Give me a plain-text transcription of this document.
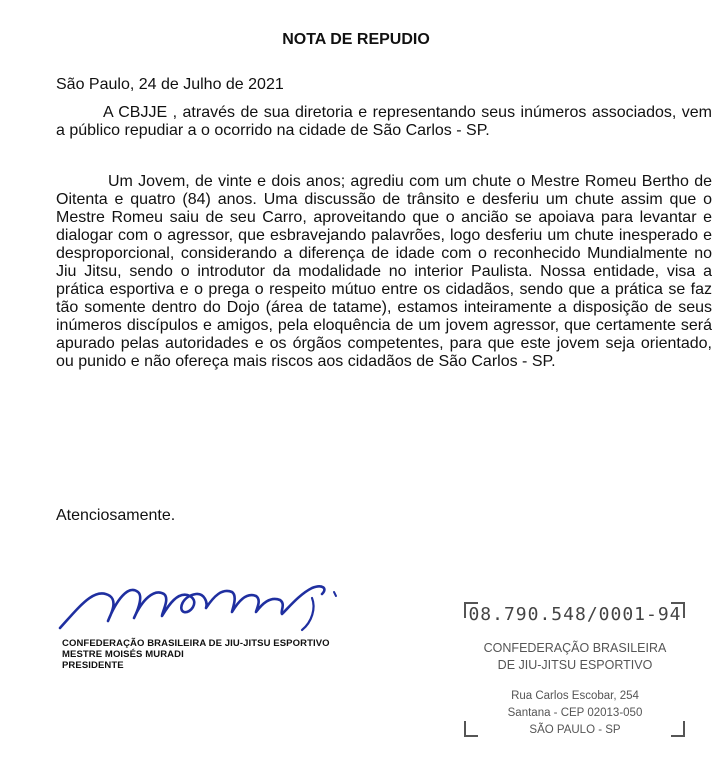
NOTA DE REPUDIO
São Paulo, 24 de Julho de 2021

A CBJJE , através de sua diretoria e representando seus inúmeros associados, vem a público repudiar a o ocorrido na cidade de São Carlos - SP.

Um Jovem, de vinte e dois anos; agrediu com um chute o Mestre Romeu Bertho de Oitenta e quatro (84) anos. Uma discussão de trânsito e desferiu um chute assim que o Mestre Romeu saiu de seu Carro, aproveitando que o ancião se apoiava para levantar e dialogar com o agressor, que esbravejando palavrões, logo desferiu um chute inesperado e desproporcional, considerando a diferença de idade com o reconhecido Mundialmente no Jiu Jitsu, sendo o introdutor da modalidade no interior Paulista. Nossa entidade, visa a prática esportiva e o prega o respeito mútuo entre os cidadãos, sendo que a prática se faz tão somente dentro do Dojo (área de tatame), estamos inteiramente a disposição de seus inúmeros discípulos e amigos, pela eloquência de um jovem agressor, que certamente será apurado pelas autoridades e os órgãos competentes, para que este jovem seja orientado, ou punido e não ofereça mais riscos aos cidadãos de São Carlos - SP.

Atenciosamente.
CONFEDERAÇÃO BRASILEIRA DE JIU-JITSU ESPORTIVO
MESTRE MOISÉS MURADI
PRESIDENTE
08.790.548/0001-94
CONFEDERAÇÃO BRASILEIRA
DE JIU-JITSU ESPORTIVO
Rua Carlos Escobar, 254
Santana - CEP 02013-050
SÃO PAULO - SP
